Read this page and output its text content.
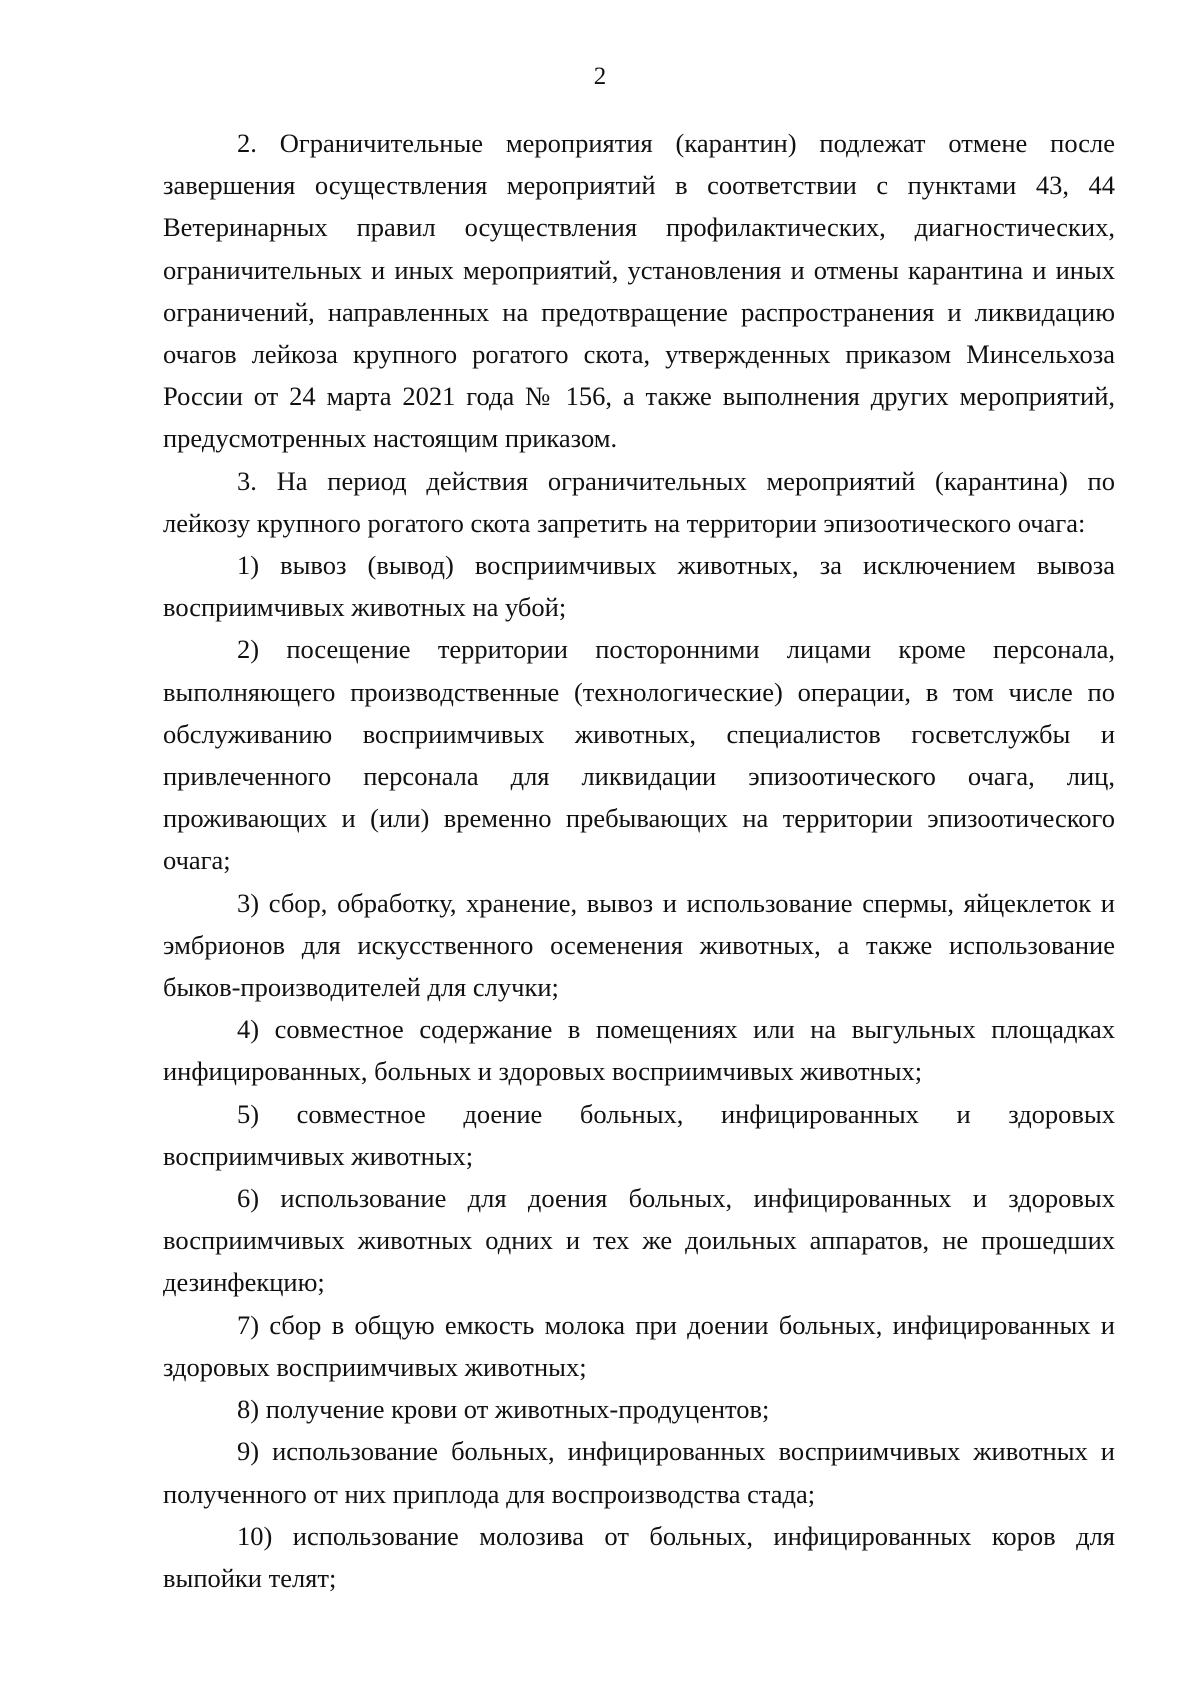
2

2. Ограничительные мероприятия (карантин) подлежат отмене после завершения осуществления мероприятий в соответствии с пунктами 43, 44 Ветеринарных правил осуществления профилактических, диагностических, ограничительных и иных мероприятий, установления и отмены карантина и иных ограничений, направленных на предотвращение распространения и ликвидацию очагов лейкоза крупного рогатого скота, утвержденных приказом Минсельхоза России от 24 марта 2021 года № 156, а также выполнения других мероприятий, предусмотренных настоящим приказом.

3. На период действия ограничительных мероприятий (карантина) по лейкозу крупного рогатого скота запретить на территории эпизоотического очага:

1) вывоз (вывод) восприимчивых животных, за исключением вывоза восприимчивых животных на убой;

2) посещение территории посторонними лицами кроме персонала, выполняющего производственные (технологические) операции, в том числе по обслуживанию восприимчивых животных, специалистов госветслужбы и привлеченного персонала для ликвидации эпизоотического очага, лиц, проживающих и (или) временно пребывающих на территории эпизоотического очага;

3) сбор, обработку, хранение, вывоз и использование спермы, яйцеклеток и эмбрионов для искусственного осеменения животных, а также использование быков-производителей для случки;

4) совместное содержание в помещениях или на выгульных площадках инфицированных, больных и здоровых восприимчивых животных;

5) совместное доение больных, инфицированных и здоровых восприимчивых животных;

6) использование для доения больных, инфицированных и здоровых восприимчивых животных одних и тех же доильных аппаратов, не прошедших дезинфекцию;

7) сбор в общую емкость молока при доении больных, инфицированных и здоровых восприимчивых животных;

8) получение крови от животных-продуцентов;

9) использование больных, инфицированных восприимчивых животных и полученного от них приплода для воспроизводства стада;

10) использование молозива от больных, инфицированных коров для выпойки телят;
